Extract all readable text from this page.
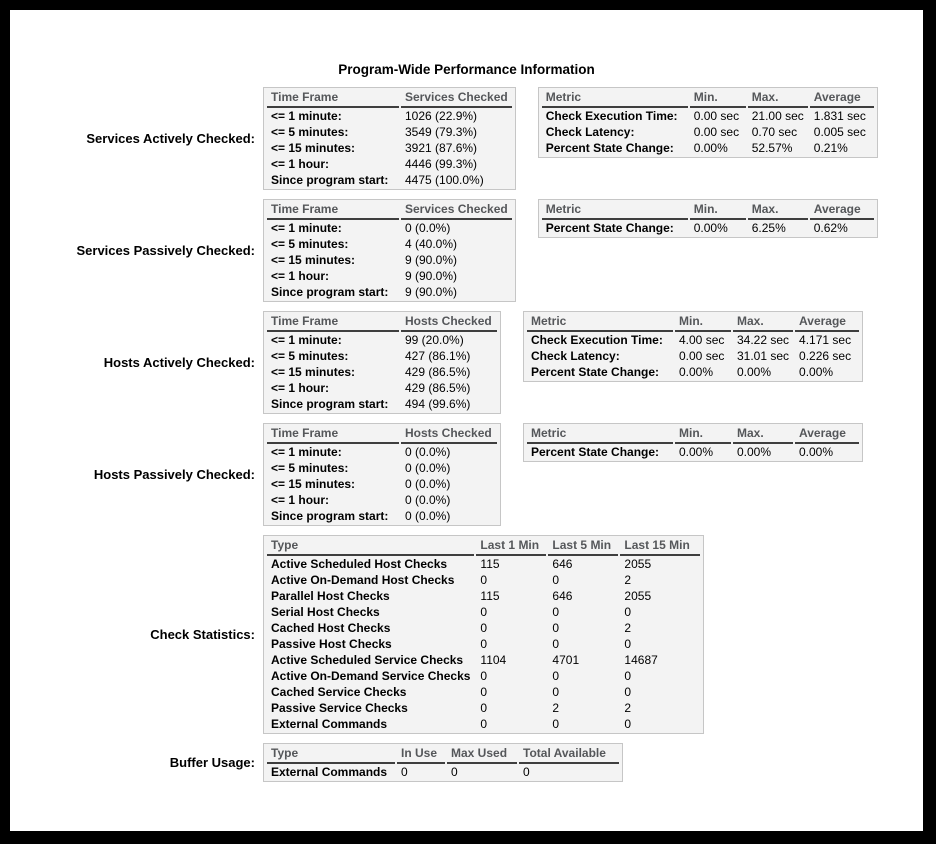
Program-Wide Performance Information
Services Actively Checked:
Time Frame	Services Checked
<= 1 minute:	1026 (22.9%)
<= 5 minutes:	3549 (79.3%)
<= 15 minutes:	3921 (87.6%)
<= 1 hour:	4446 (99.3%)
Since program start:	4475 (100.0%)
Metric	Min.	Max.	Average
Check Execution Time:	0.00 sec	21.00 sec	1.831 sec
Check Latency:	0.00 sec	0.70 sec	0.005 sec
Percent State Change:	0.00%	52.57%	0.21%
Services Passively Checked:
Time Frame	Services Checked
<= 1 minute:	0 (0.0%)
<= 5 minutes:	4 (40.0%)
<= 15 minutes:	9 (90.0%)
<= 1 hour:	9 (90.0%)
Since program start:	9 (90.0%)
Metric	Min.	Max.	Average
Percent State Change:	0.00%	6.25%	0.62%
Hosts Actively Checked:
Time Frame	Hosts Checked
<= 1 minute:	99 (20.0%)
<= 5 minutes:	427 (86.1%)
<= 15 minutes:	429 (86.5%)
<= 1 hour:	429 (86.5%)
Since program start:	494 (99.6%)
Metric	Min.	Max.	Average
Check Execution Time:	4.00 sec	34.22 sec	4.171 sec
Check Latency:	0.00 sec	31.01 sec	0.226 sec
Percent State Change:	0.00%	0.00%	0.00%
Hosts Passively Checked:
Time Frame	Hosts Checked
<= 1 minute:	0 (0.0%)
<= 5 minutes:	0 (0.0%)
<= 15 minutes:	0 (0.0%)
<= 1 hour:	0 (0.0%)
Since program start:	0 (0.0%)
Metric	Min.	Max.	Average
Percent State Change:	0.00%	0.00%	0.00%
Check Statistics:
Type	Last 1 Min	Last 5 Min	Last 15 Min
Active Scheduled Host Checks	115	646	2055
Active On-Demand Host Checks	0	0	2
Parallel Host Checks	115	646	2055
Serial Host Checks	0	0	0
Cached Host Checks	0	0	2
Passive Host Checks	0	0	0
Active Scheduled Service Checks	1104	4701	14687
Active On-Demand Service Checks	0	0	0
Cached Service Checks	0	0	0
Passive Service Checks	0	2	2
External Commands	0	0	0
Buffer Usage:
Type	In Use	Max Used	Total Available
External Commands	0	0	0
